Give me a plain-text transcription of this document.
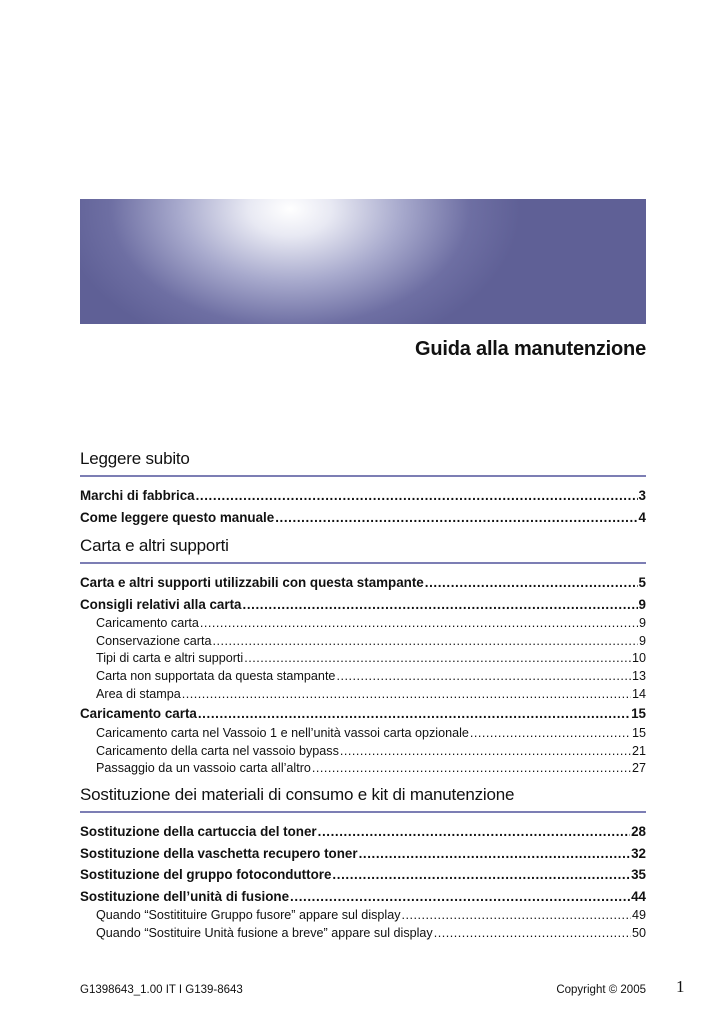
Guida alla manutenzione
Leggere subito
Marchi di fabbrica .....	3
Come leggere questo manuale .....	4
Carta e altri supporti
Carta e altri supporti utilizzabili con questa stampante .....	5
Consigli relativi alla carta .....	9
Caricamento carta .....	9
Conservazione carta .....	9
Tipi di carta e altri supporti .....	10
Carta non supportata da questa stampante .....	13
Area di stampa .....	14
Caricamento carta .....	15
Caricamento carta nel Vassoio 1 e nell’unità vassoi carta opzionale .....	15
Caricamento della carta nel vassoio bypass .....	21
Passaggio da un vassoio carta all’altro .....	27
Sostituzione dei materiali di consumo e kit di manutenzione
Sostituzione della cartuccia del toner .....	28
Sostituzione della vaschetta recupero toner .....	32
Sostituzione del gruppo fotoconduttore .....	35
Sostituzione dell’unità di fusione .....	44
Quando “Sostitituire Gruppo fusore” appare sul display .....	49
Quando “Sostituire Unità fusione a breve” appare sul display .....	50
G1398643_1.00 IT I G139-8643	Copyright © 2005 1
